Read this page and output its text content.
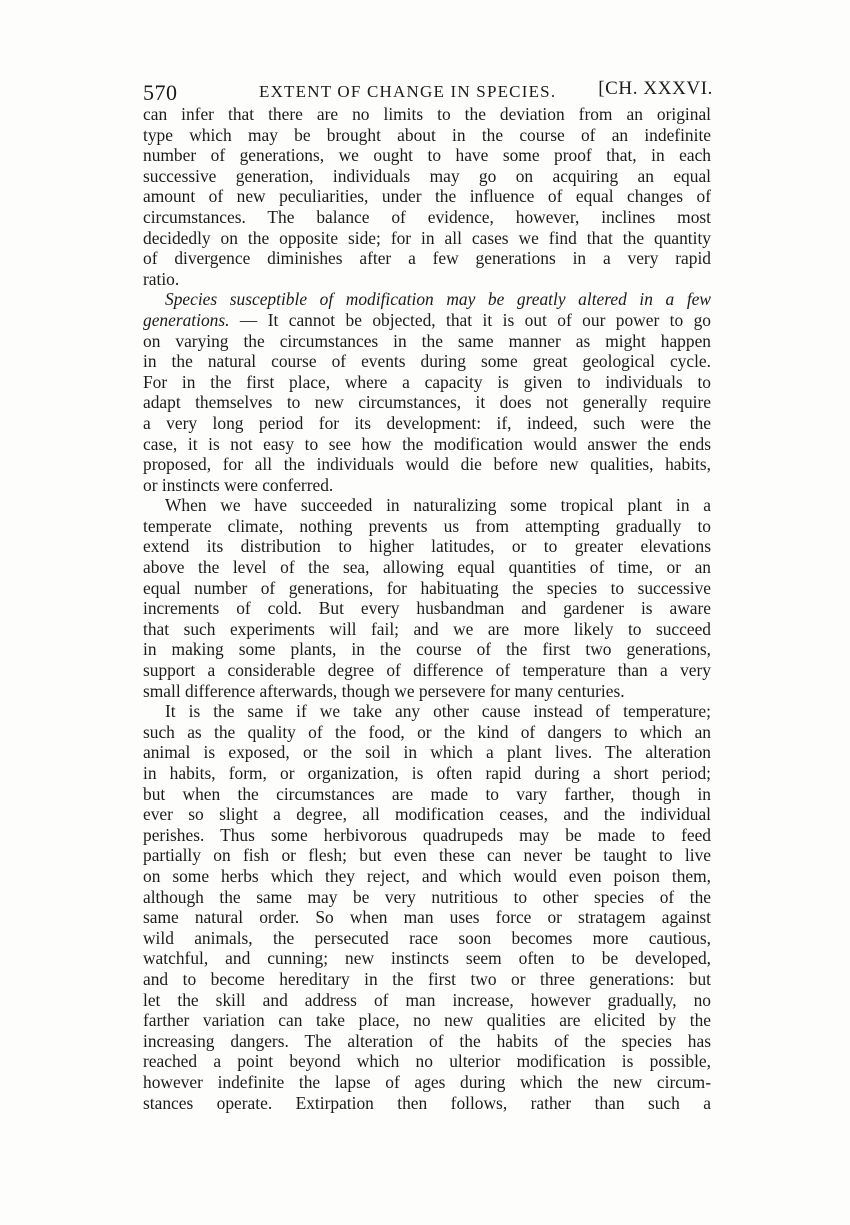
570	EXTENT OF CHANGE IN SPECIES. [CH. XXXVI.
can infer that there are no limits to the deviation from an original
type which may be brought about in the course of an indefinite
number of generations, we ought to have some proof that, in each
successive generation, individuals may go on acquiring an equal
amount of new peculiarities, under the influence of equal changes of
circumstances. The balance of evidence, however, inclines most
decidedly on the opposite side; for in all cases we find that the quantity
of divergence diminishes after a few generations in a very rapid
ratio.
Species susceptible of modification may be greatly altered in a few
generations. — It cannot be objected, that it is out of our power to go
on varying the circumstances in the same manner as might happen
in the natural course of events during some great geological cycle.
For in the first place, where a capacity is given to individuals to
adapt themselves to new circumstances, it does not generally require
a very long period for its development: if, indeed, such were the
case, it is not easy to see how the modification would answer the ends
proposed, for all the individuals would die before new qualities, habits,
or instincts were conferred.
When we have succeeded in naturalizing some tropical plant in a
temperate climate, nothing prevents us from attempting gradually to
extend its distribution to higher latitudes, or to greater elevations
above the level of the sea, allowing equal quantities of time, or an
equal number of generations, for habituating the species to successive
increments of cold. But every husbandman and gardener is aware
that such experiments will fail; and we are more likely to succeed
in making some plants, in the course of the first two generations,
support a considerable degree of difference of temperature than a very
small difference afterwards, though we persevere for many centuries.
It is the same if we take any other cause instead of temperature;
such as the quality of the food, or the kind of dangers to which an
animal is exposed, or the soil in which a plant lives. The alteration
in habits, form, or organization, is often rapid during a short period;
but when the circumstances are made to vary farther, though in
ever so slight a degree, all modification ceases, and the individual
perishes. Thus some herbivorous quadrupeds may be made to feed
partially on fish or flesh; but even these can never be taught to live
on some herbs which they reject, and which would even poison them,
although the same may be very nutritious to other species of the
same natural order. So when man uses force or stratagem against
wild animals, the persecuted race soon becomes more cautious,
watchful, and cunning; new instincts seem often to be developed,
and to become hereditary in the first two or three generations: but
let the skill and address of man increase, however gradually, no
farther variation can take place, no new qualities are elicited by the
increasing dangers. The alteration of the habits of the species has
reached a point beyond which no ulterior modification is possible,
however indefinite the lapse of ages during which the new circum-
stances operate. Extirpation then follows, rather than such a
